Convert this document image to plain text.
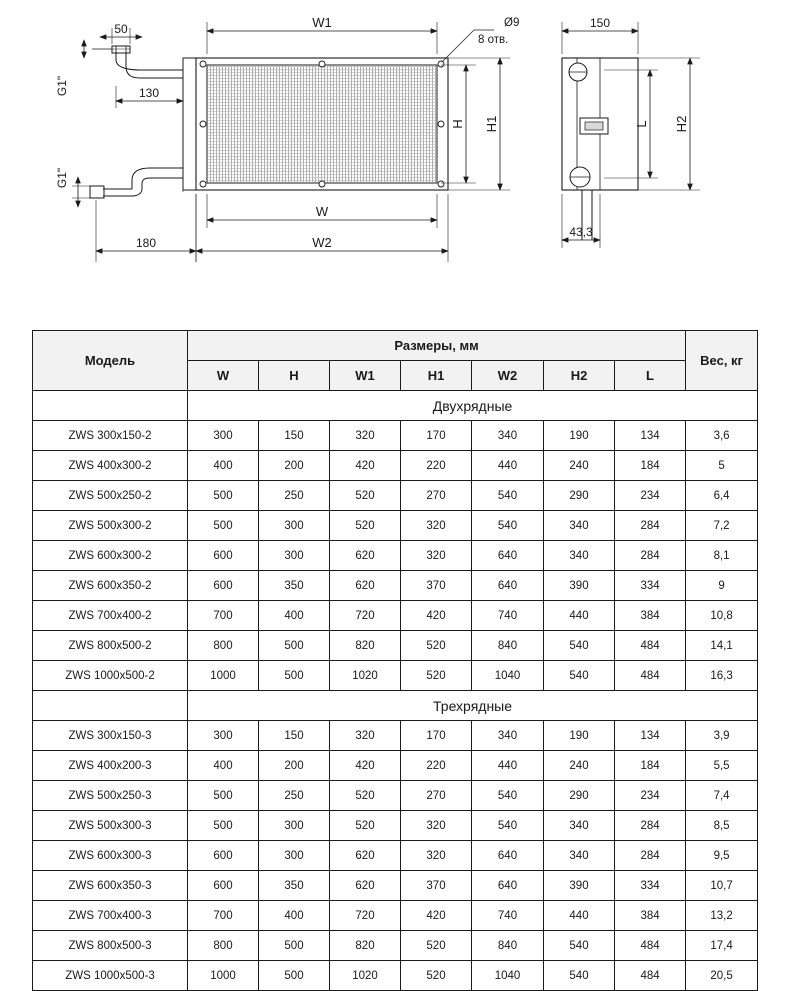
W1
W
W2
50
130
180
150
43,3
Ø9
8 отв.
H H1	L H2
G1"
G1"
Модель	Размеры, мм							Вес, кг
	W	H	W1	H1	W2	H2	L	
	Двухрядные							
ZWS 300x150-2	300	150	320	170	340	190	134	3,6
ZWS 400x300-2	400	200	420	220	440	240	184	5
ZWS 500x250-2	500	250	520	270	540	290	234	6,4
ZWS 500x300-2	500	300	520	320	540	340	284	7,2
ZWS 600x300-2	600	300	620	320	640	340	284	8,1
ZWS 600x350-2	600	350	620	370	640	390	334	9
ZWS 700x400-2	700	400	720	420	740	440	384	10,8
ZWS 800x500-2	800	500	820	520	840	540	484	14,1
ZWS 1000x500-2	1000	500	1020	520	1040	540	484	16,3
	Трехрядные							
ZWS 300x150-3	300	150	320	170	340	190	134	3,9
ZWS 400x200-3	400	200	420	220	440	240	184	5,5
ZWS 500x250-3	500	250	520	270	540	290	234	7,4
ZWS 500x300-3	500	300	520	320	540	340	284	8,5
ZWS 600x300-3	600	300	620	320	640	340	284	9,5
ZWS 600x350-3	600	350	620	370	640	390	334	10,7
ZWS 700x400-3	700	400	720	420	740	440	384	13,2
ZWS 800x500-3	800	500	820	520	840	540	484	17,4
ZWS 1000x500-3	1000	500	1020	520	1040	540	484	20,5
